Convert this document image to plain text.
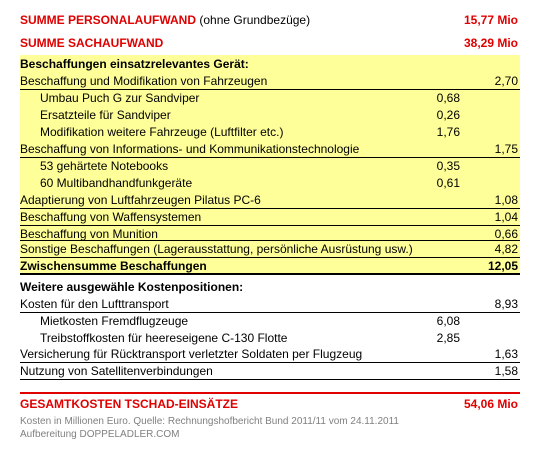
SUMME PERSONALAUFWAND (ohne Grundbezüge)	15,77 Mio
SUMME SACHAUFWAND	38,29 Mio
Beschaffungen einsatzrelevantes Gerät:
Beschaffung und Modifikation von Fahrzeugen	2,70
Umbau Puch G zur Sandviper	0,68
Ersatzteile für Sandviper	0,26
Modifikation weitere Fahrzeuge (Luftfilter etc.)	1,76
Beschaffung von Informations- und Kommunikationstechnologie	1,75
53 gehärtete Notebooks	0,35
60 Multibandhandfunkgeräte	0,61
Adaptierung von Luftfahrzeugen Pilatus PC-6	1,08
Beschaffung von Waffensystemen	1,04
Beschaffung von Munition	0,66
Sonstige Beschaffungen (Lagerausstattung, persönliche Ausrüstung usw.)	4,82
Zwischensumme Beschaffungen	12,05
Weitere ausgewähle Kostenpositionen:
Kosten für den Lufttransport	8,93
Mietkosten Fremdflugzeuge	6,08
Treibstoffkosten für heereseigene C-130 Flotte	2,85
Versicherung für Rücktransport verletzter Soldaten per Flugzeug	1,63
Nutzung von Satellitenverbindungen	1,58
GESAMTKOSTEN TSCHAD-EINSÄTZE	54,06 Mio
Kosten in Millionen Euro. Quelle: Rechnungshofbericht Bund 2011/11 vom 24.11.2011
Aufbereitung DOPPELADLER.COM
